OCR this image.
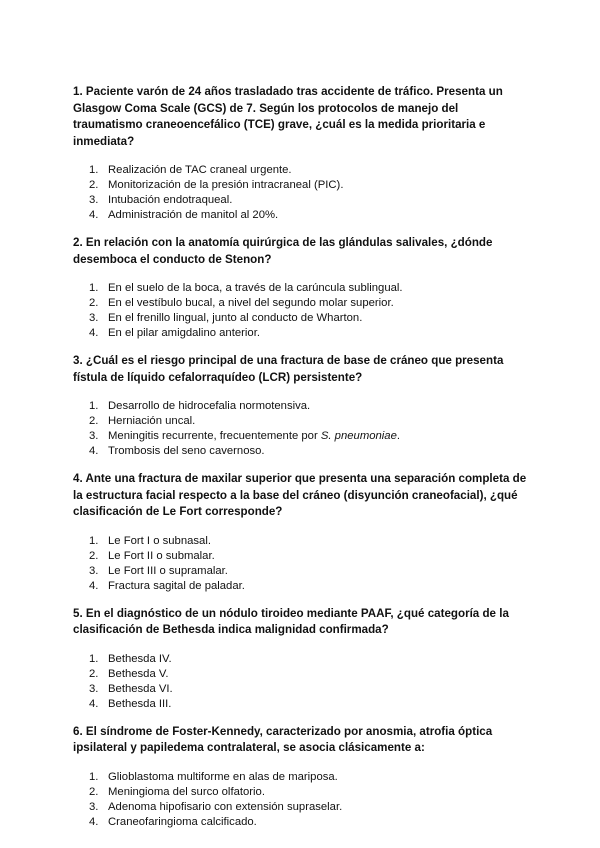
1. Paciente varón de 24 años trasladado tras accidente de tráfico. Presenta un Glasgow Coma Scale (GCS) de 7. Según los protocolos de manejo del traumatismo craneoencefálico (TCE) grave, ¿cuál es la medida prioritaria e inmediata?

1. Realización de TAC craneal urgente.
2. Monitorización de la presión intracraneal (PIC).
3. Intubación endotraqueal.
4. Administración de manitol al 20%.

2. En relación con la anatomía quirúrgica de las glándulas salivales, ¿dónde desemboca el conducto de Stenon?

1. En el suelo de la boca, a través de la carúncula sublingual.
2. En el vestíbulo bucal, a nivel del segundo molar superior.
3. En el frenillo lingual, junto al conducto de Wharton.
4. En el pilar amigdalino anterior.

3. ¿Cuál es el riesgo principal de una fractura de base de cráneo que presenta fístula de líquido cefalorraquídeo (LCR) persistente?

1. Desarrollo de hidrocefalia normotensiva.
2. Herniación uncal.
3. Meningitis recurrente, frecuentemente por S. pneumoniae.
4. Trombosis del seno cavernoso.

4. Ante una fractura de maxilar superior que presenta una separación completa de la estructura facial respecto a la base del cráneo (disyunción craneofacial), ¿qué clasificación de Le Fort corresponde?

1. Le Fort I o subnasal.
2. Le Fort II o submalar.
3. Le Fort III o supramalar.
4. Fractura sagital de paladar.

5. En el diagnóstico de un nódulo tiroideo mediante PAAF, ¿qué categoría de la clasificación de Bethesda indica malignidad confirmada?

1. Bethesda IV.
2. Bethesda V.
3. Bethesda VI.
4. Bethesda III.

6. El síndrome de Foster-Kennedy, caracterizado por anosmia, atrofia óptica ipsilateral y papiledema contralateral, se asocia clásicamente a:

1. Glioblastoma multiforme en alas de mariposa.
2. Meningioma del surco olfatorio.
3. Adenoma hipofisario con extensión supraselar.
4. Craneofaringioma calcificado.
